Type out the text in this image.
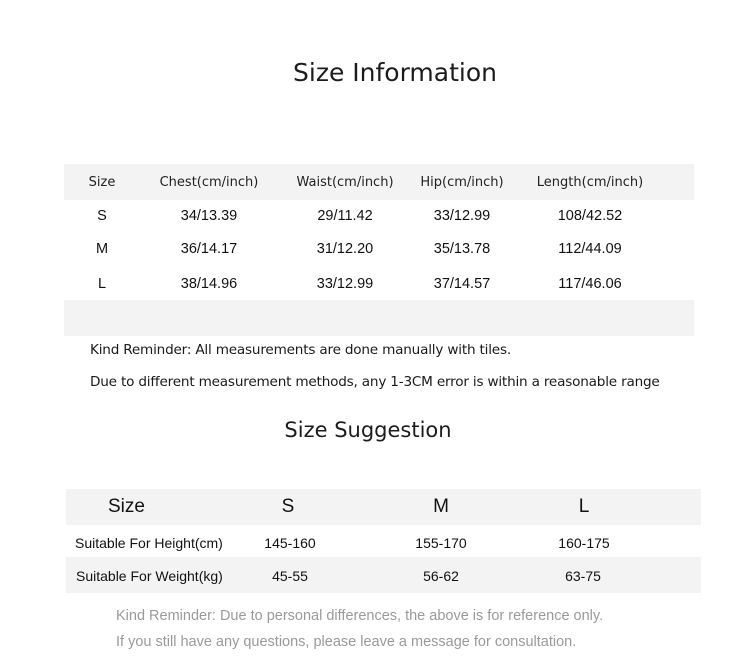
Size Information
Size	Chest(cm/inch)	Waist(cm/inch)	Hip(cm/inch)	Length(cm/inch)
S	34/13.39	29/11.42	33/12.99	108/42.52
M	36/14.17	31/12.20	35/13.78	112/44.09
L	38/14.96	33/12.99	37/14.57	117/46.06
Kind Reminder: All measurements are done manually with tiles.
Due to different measurement methods, any 1-3CM error is within a reasonable range
Size Suggestion
Size	S	M	L
Suitable For Height(cm)	145-160	155-170	160-175
Suitable For Weight(kg)	45-55	56-62	63-75
Kind Reminder: Due to personal differences, the above is for reference only.
If you still have any questions, please leave a message for consultation.
